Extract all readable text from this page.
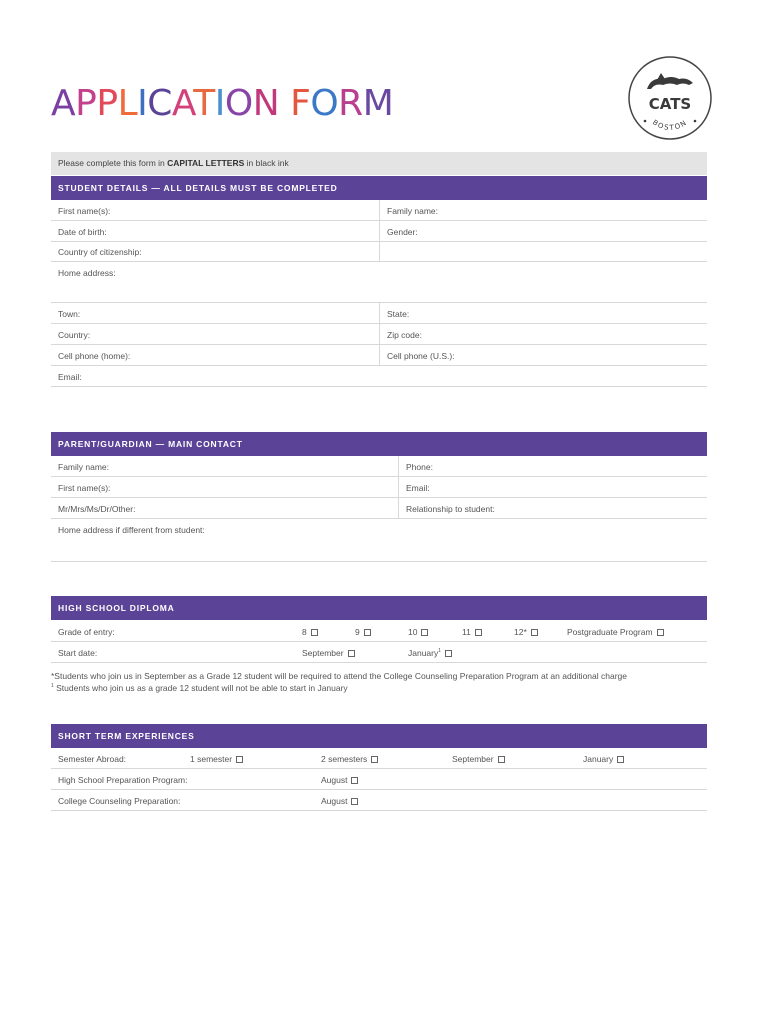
APPLICATION FORM	CATS
BOSTON
Please complete this form in CAPITAL LETTERS in black ink
STUDENT DETAILS — ALL DETAILS MUST BE COMPLETED
First name(s):	Family name:
Date of birth:	Gender:
Country of citizenship:
Home address:
Town:	State:
Country:	Zip code:
Cell phone (home):	Cell phone (U.S.):
Email:
PARENT/GUARDIAN — MAIN CONTACT
Family name:	Phone:
First name(s):	Email:
Mr/Mrs/Ms/Dr/Other:	Relationship to student:
Home address if different from student:
HIGH SCHOOL DIPLOMA
Grade of entry:	8	9	10	11	12*	Postgraduate Program
Start date:	September	January$^1$
*Students who join us in September as a Grade 12 student will be required to attend the College Counseling Preparation Program at an additional charge
$^1$ Students who join us as a grade 12 student will not be able to start in January
SHORT TERM EXPERIENCES
Semester Abroad:	1 semester	2 semesters	September	January
High School Preparation Program:	August
College Counseling Preparation:	August
